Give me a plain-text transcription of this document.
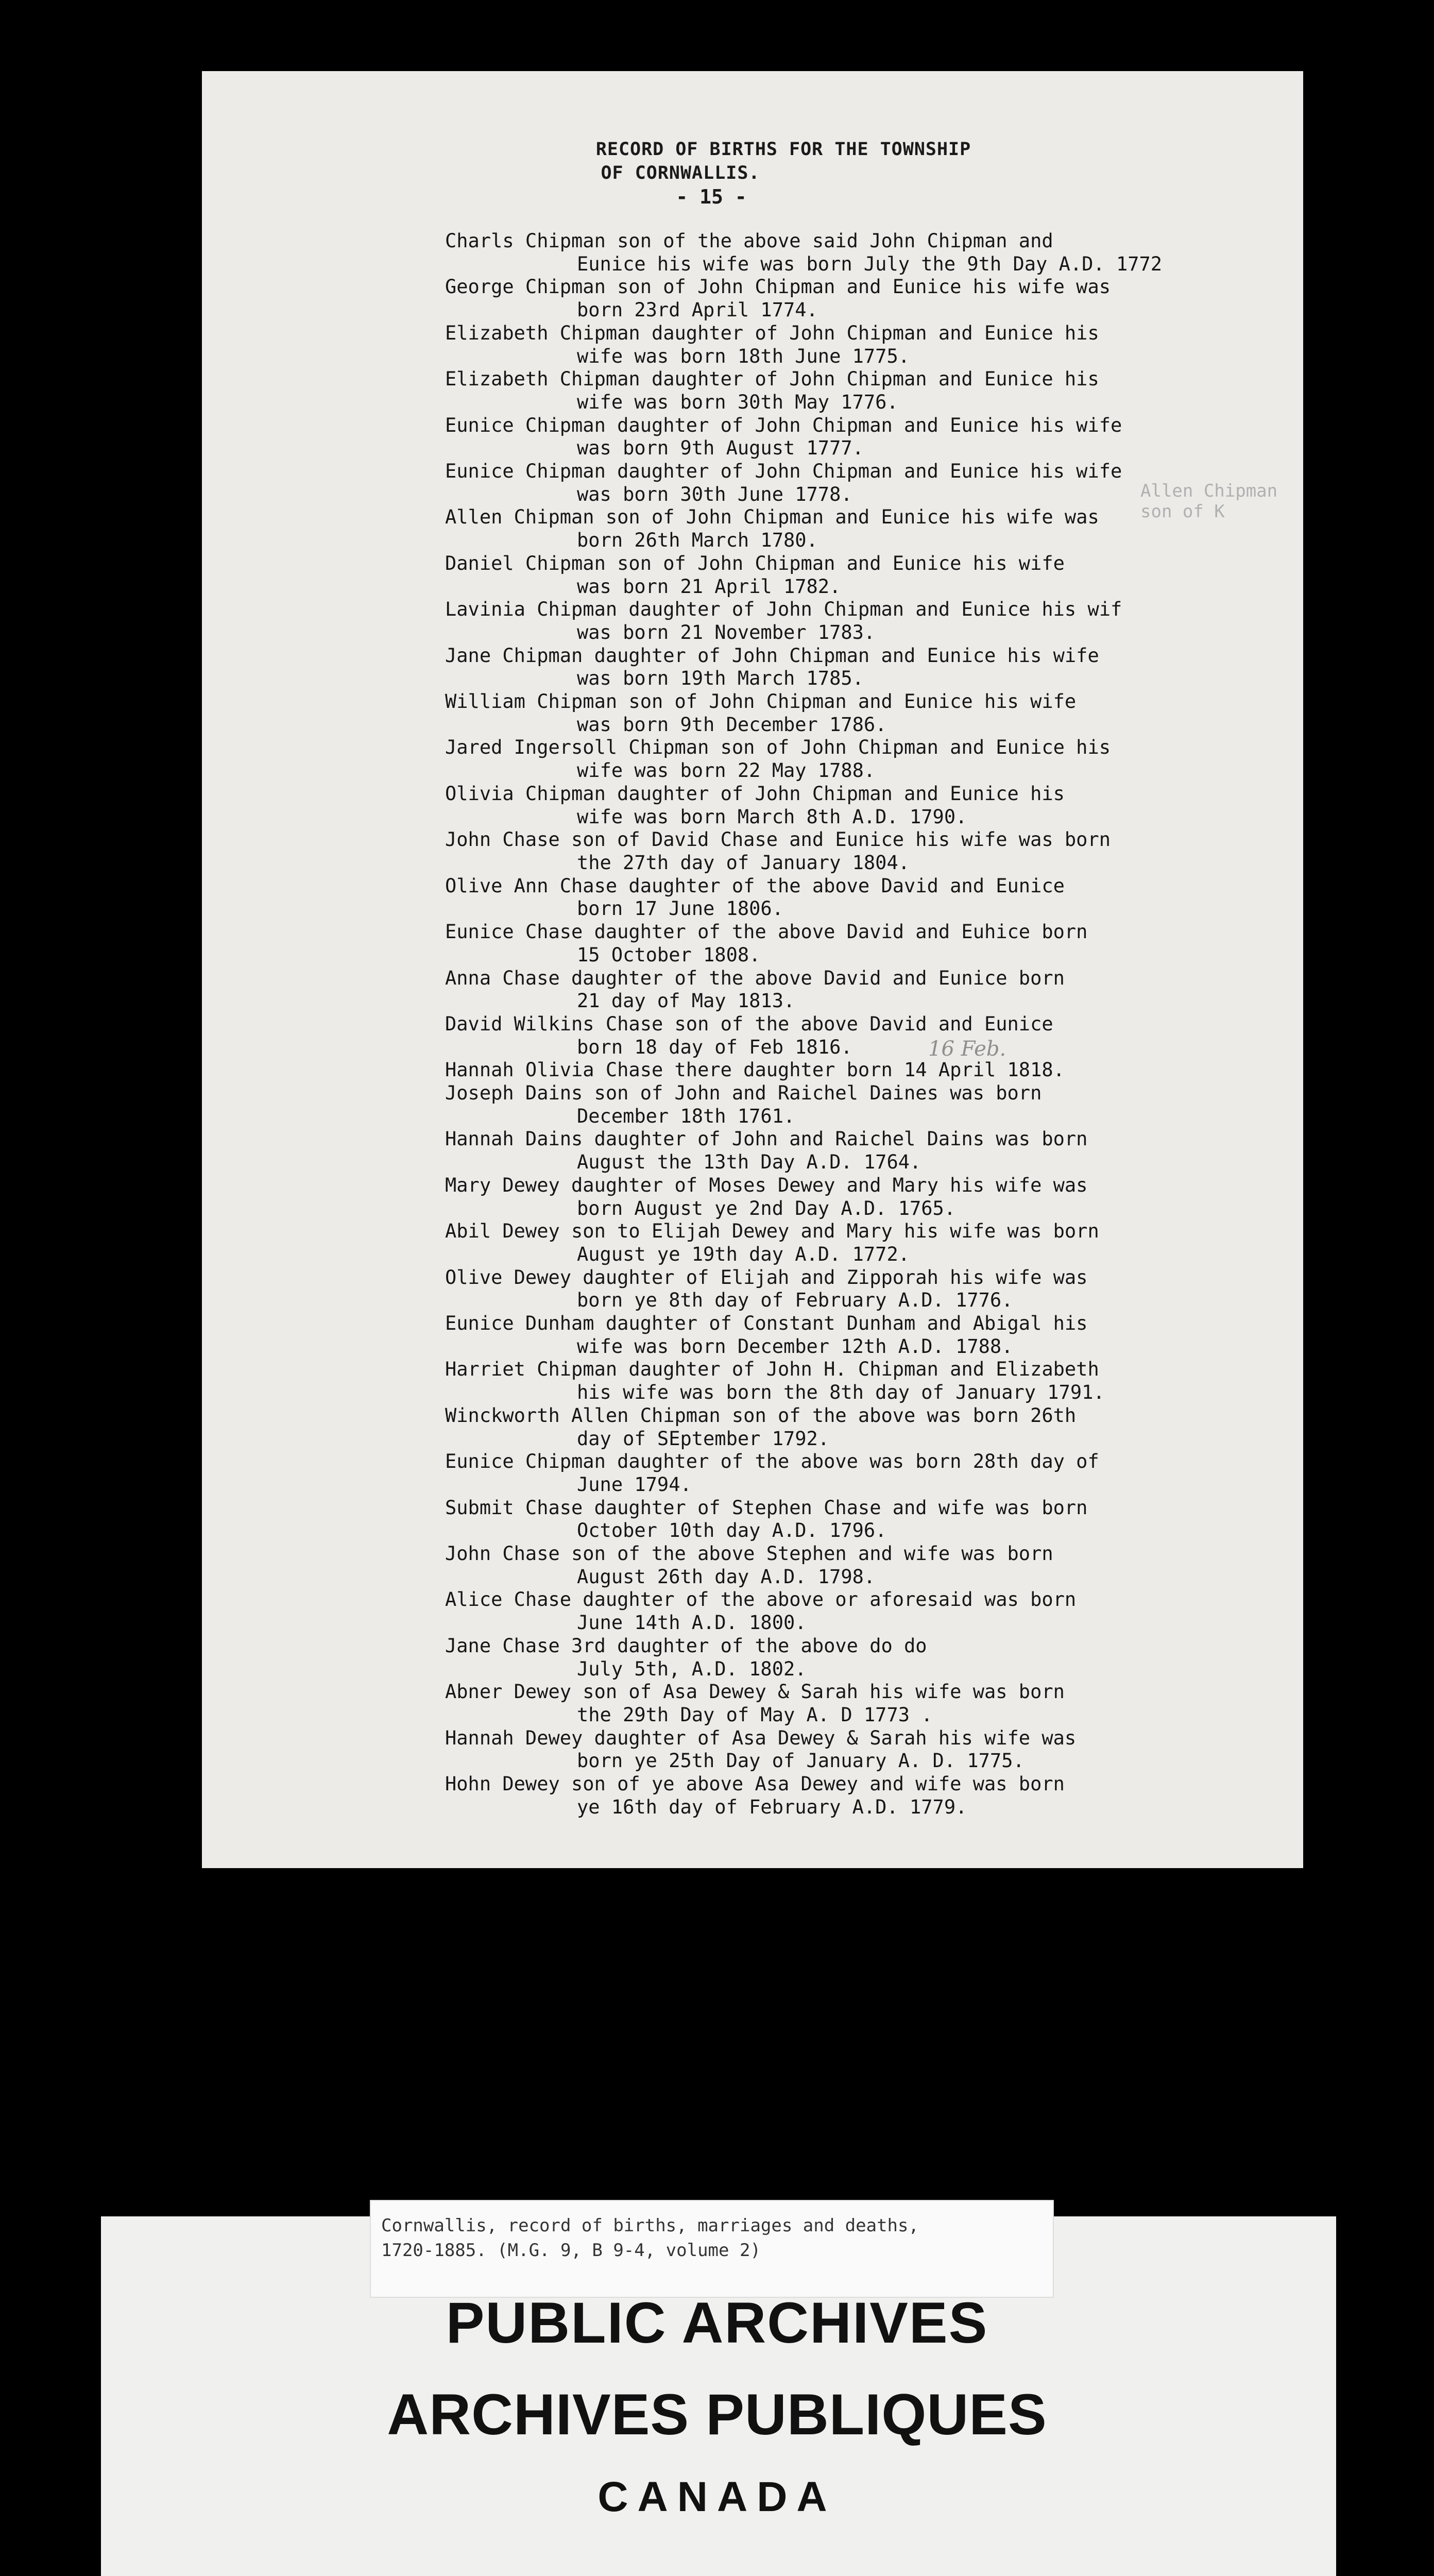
RECORD OF BIRTHS FOR THE TOWNSHIP
OF CORNWALLIS.
- 15 -
Charls Chipman son of the above said John Chipman and
Eunice his wife was born July the 9th Day A.D. 1772
George Chipman son of John Chipman and Eunice his wife was
born 23rd April 1774.
Elizabeth Chipman daughter of John Chipman and Eunice his
wife was born 18th June 1775.
Elizabeth Chipman daughter of John Chipman and Eunice his
wife was born 30th May 1776.
Eunice Chipman daughter of John Chipman and Eunice his wife
was born 9th August 1777.
Eunice Chipman daughter of John Chipman and Eunice his wife
was born 30th June 1778.
Allen Chipman son of John Chipman and Eunice his wife was
born 26th March 1780.
Daniel Chipman son of John Chipman and Eunice his wife
was born 21 April 1782.
Lavinia Chipman daughter of John Chipman and Eunice his wif
was born 21 November 1783.
Jane Chipman daughter of John Chipman and Eunice his wife
was born 19th March 1785.
William Chipman son of John Chipman and Eunice his wife
was born 9th December 1786.
Jared Ingersoll Chipman son of John Chipman and Eunice his
wife was born 22 May 1788.
Olivia Chipman daughter of John Chipman and Eunice his
wife was born March 8th A.D. 1790.
John Chase son of David Chase and Eunice his wife was born
the 27th day of January 1804.
Olive Ann Chase daughter of the above David and Eunice
born 17 June 1806.
Eunice Chase daughter of the above David and Euhice born
15 October 1808.
Anna Chase daughter of the above David and Eunice born
21 day of May 1813.
David Wilkins Chase son of the above David and Eunice
born 18 day of Feb 1816.
Hannah Olivia Chase there daughter born 14 April 1818.
Joseph Dains son of John and Raichel Daines was born
December 18th 1761.
Hannah Dains daughter of John and Raichel Dains was born
August the 13th Day A.D. 1764.
Mary Dewey daughter of Moses Dewey and Mary his wife was
born August ye 2nd Day A.D. 1765.
Abil Dewey son to Elijah Dewey and Mary his wife was born
August ye 19th day A.D. 1772.
Olive Dewey daughter of Elijah and Zipporah his wife was
born ye 8th day of February A.D. 1776.
Eunice Dunham daughter of Constant Dunham and Abigal his
wife was born December 12th A.D. 1788.
Harriet Chipman daughter of John H. Chipman and Elizabeth
his wife was born the 8th day of January 1791.
Winckworth Allen Chipman son of the above was born 26th
day of SEptember 1792.
Eunice Chipman daughter of the above was born 28th day of
June 1794.
Submit Chase daughter of Stephen Chase and wife was born
October 10th day A.D. 1796.
John Chase son of the above Stephen and wife was born
August 26th day A.D. 1798.
Alice Chase daughter of the above or aforesaid was born
June 14th A.D. 1800.
Jane Chase 3rd daughter of the above do do
July 5th, A.D. 1802.
Abner Dewey son of Asa Dewey & Sarah his wife was born
the 29th Day of May A. D 1773 .
Hannah Dewey daughter of Asa Dewey & Sarah his wife was
born ye 25th Day of January A. D. 1775.
Hohn Dewey son of ye above Asa Dewey and wife was born
ye 16th day of February A.D. 1779.
Allen Chipman son of K
16 Feb.
Cornwallis, record of births, marriages and deaths,
1720-1885. (M.G. 9, B 9-4, volume 2)
PUBLIC ARCHIVES
ARCHIVES PUBLIQUES
CANADA
